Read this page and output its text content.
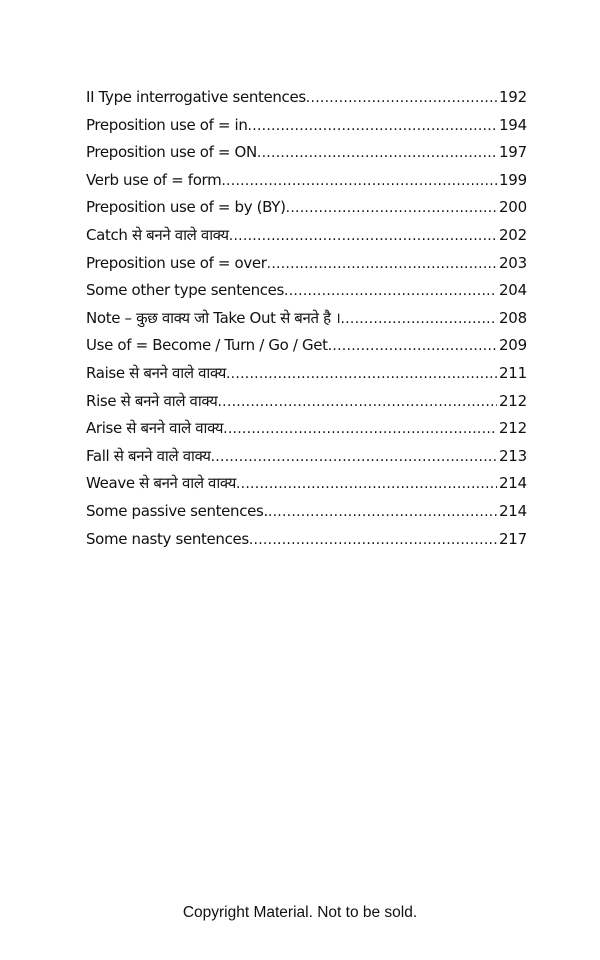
II Type interrogative sentences .....	192
Preposition use of = in .....	194
Preposition use of = ON .....	197
Verb use of = form .....	199
Preposition use of = by (BY) .....	200
Catch से बनने वाले वाक्य .....	202
Preposition use of = over .....	203
Some other type sentences .....	204
Note – कुछ वाक्य जो Take Out से बनते है । .....	208
Use of = Become / Turn / Go / Get .....	209
Raise से बनने वाले वाक्य .....	211
Rise से बनने वाले वाक्य .....	212
Arise से बनने वाले वाक्य .....	212
Fall से बनने वाले वाक्य .....	213
Weave से बनने वाले वाक्य .....	214
Some passive sentences. .....	214
Some nasty sentences .....	217
Copyright Material. Not to be sold.
